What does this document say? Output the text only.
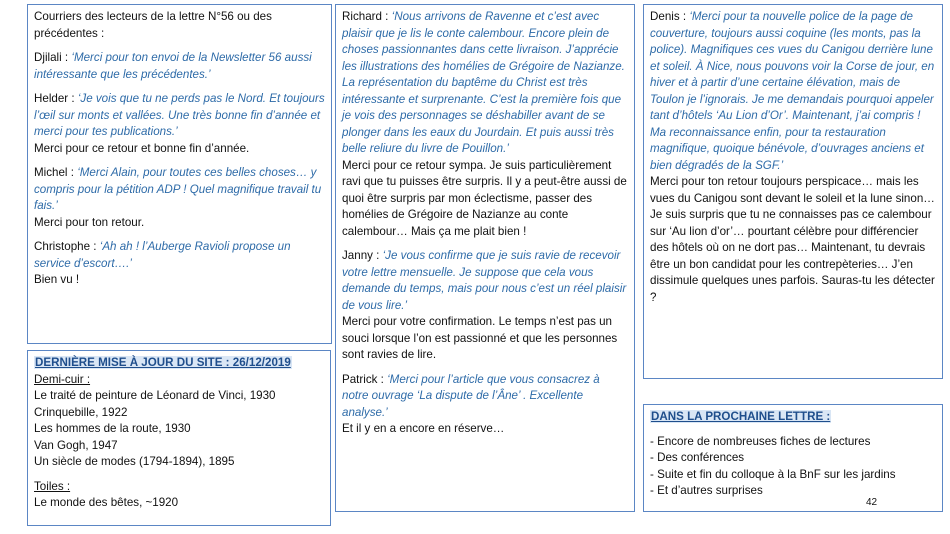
Courriers des lecteurs de la lettre N°56 ou des précédentes :

Djilali : ‘Merci pour ton envoi de la Newsletter 56 aussi intéressante que les précédentes.’

Helder : ‘Je vois que tu ne perds pas le Nord. Et toujours l’œil sur monts et vallées. Une très bonne fin d’année et merci pour tes publications.’

Merci pour ce retour et bonne fin d’année.

Michel : ‘Merci Alain, pour toutes ces belles choses… y compris pour la pétition ADP ! Quel magnifique travail tu fais.’

Merci pour ton retour.

Christophe : ‘Ah ah ! l’Auberge Ravioli propose un service d’escort….’

Bien vu !

DERNIÈRE MISE À JOUR DU SITE : 26/12/2019

Demi-cuir :

Le traité de peinture de Léonard de Vinci, 1930
Crinquebille, 1922
Les hommes de la route, 1930
Van Gogh, 1947
Un siècle de modes (1794-1894), 1895

Toiles :

Le monde des bêtes, ~1920

Richard : ‘Nous arrivons de Ravenne et c’est avec plaisir que je lis le conte calembour. Encore plein de choses passionnantes dans cette livraison. J’apprécie les illustrations des homélies de Grégoire de Nazianze. La représentation du baptême du Christ est très intéressante et surprenante. C’est la première fois que je vois des personnages se déshabiller avant de se plonger dans les eaux du Jourdain. Et puis aussi très belle reliure du livre de Pouillon.’

Merci pour ce retour sympa. Je suis particulièrement ravi que tu puisses être surpris. Il y a peut-être aussi de quoi être surpris par mon éclectisme, passer des homélies de Grégoire de Nazianze au conte calembour… Mais ça me plait bien !

Janny : ‘Je vous confirme que je suis ravie de recevoir votre lettre mensuelle. Je suppose que cela vous demande du temps, mais pour nous c’est un réel plaisir de vous lire.’

Merci pour votre confirmation. Le temps n’est pas un souci lorsque l’on est passionné et que les personnes sont ravies de lire.

Patrick : ‘Merci pour l’article que vous consacrez à notre ouvrage ‘La dispute de l’Âne’ . Excellente analyse.’

Et il y en a encore en réserve…

Denis : ‘Merci pour ta nouvelle police de la page de couverture, toujours aussi coquine (les monts, pas la police). Magnifiques ces vues du Canigou derrière lune et soleil. À Nice, nous pouvons voir la Corse de jour, en hiver et à partir d’une certaine élévation, mais de Toulon je l’ignorais. Je me demandais pourquoi appeler tant d’hôtels ‘Au Lion d’Or’. Maintenant, j’ai compris ! Ma reconnaissance enfin, pour ta restauration magnifique, quoique bénévole, d’ouvrages anciens et bien dégradés de la SGF.’

Merci pour ton retour toujours perspicace… mais les vues du Canigou sont devant le soleil et la lune sinon… Je suis surpris que tu ne connaisses pas ce calembour sur ‘Au lion d’or’… pourtant célèbre pour différencier des hôtels où on ne dort pas… Maintenant, tu devrais être un bon candidat pour les contrepèteries… J’en dissimule quelques unes parfois. Sauras-tu les détecter ?

DANS LA PROCHAINE LETTRE :

- Encore de nombreuses fiches de lectures
- Des conférences
- Suite et fin du colloque à la BnF sur les jardins
- Et d’autres surprises
42
